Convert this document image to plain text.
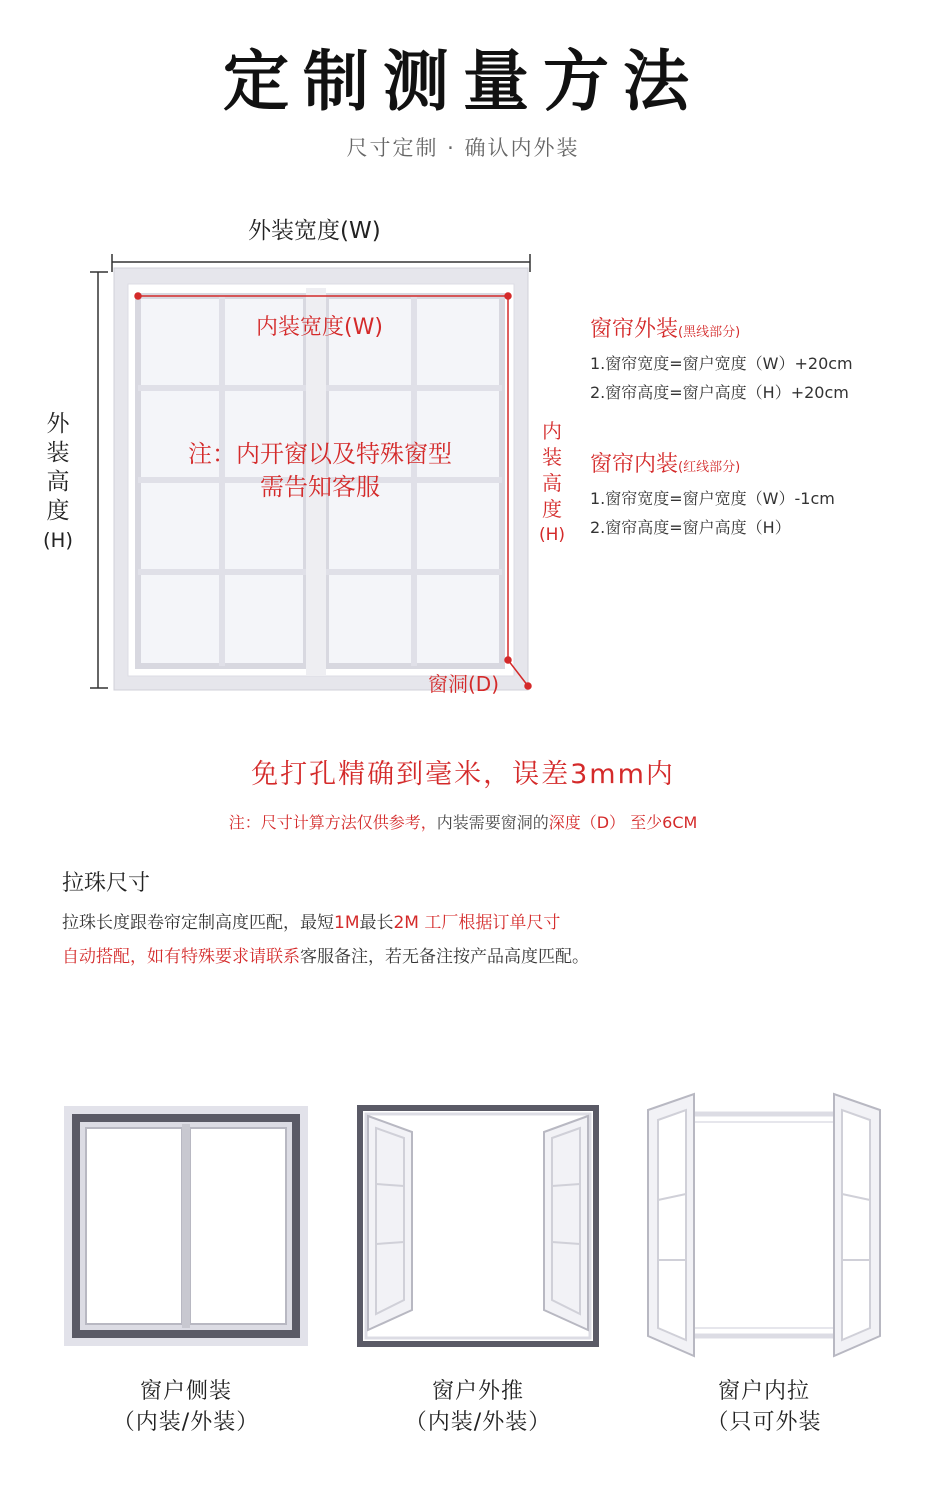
定制测量方法
尺寸定制 · 确认内外装
外装宽度(W)
外
装
高
度
(H)
内装宽度(W)
内
装
高
度
(H)
注：内开窗以及特殊窗型
需告知客服
窗洞(D)
窗帘外装(黑线部分)
1.窗帘宽度=窗户宽度（W）+20cm
2.窗帘高度=窗户高度（H）+20cm
窗帘内装(红线部分)
1.窗帘宽度=窗户宽度（W）-1cm
2.窗帘高度=窗户高度（H）
免打孔精确到毫米，误差3mm内
注：尺寸计算方法仅供参考，内装需要窗洞的深度（D） 至少6CM
拉珠尺寸
拉珠长度跟卷帘定制高度匹配，最短1M最长2M 工厂根据订单尺寸
自动搭配，如有特殊要求请联系客服备注，若无备注按产品高度匹配。
窗户侧装
（内装/外装）
窗户外推
（内装/外装）
窗户内拉
（只可外装
